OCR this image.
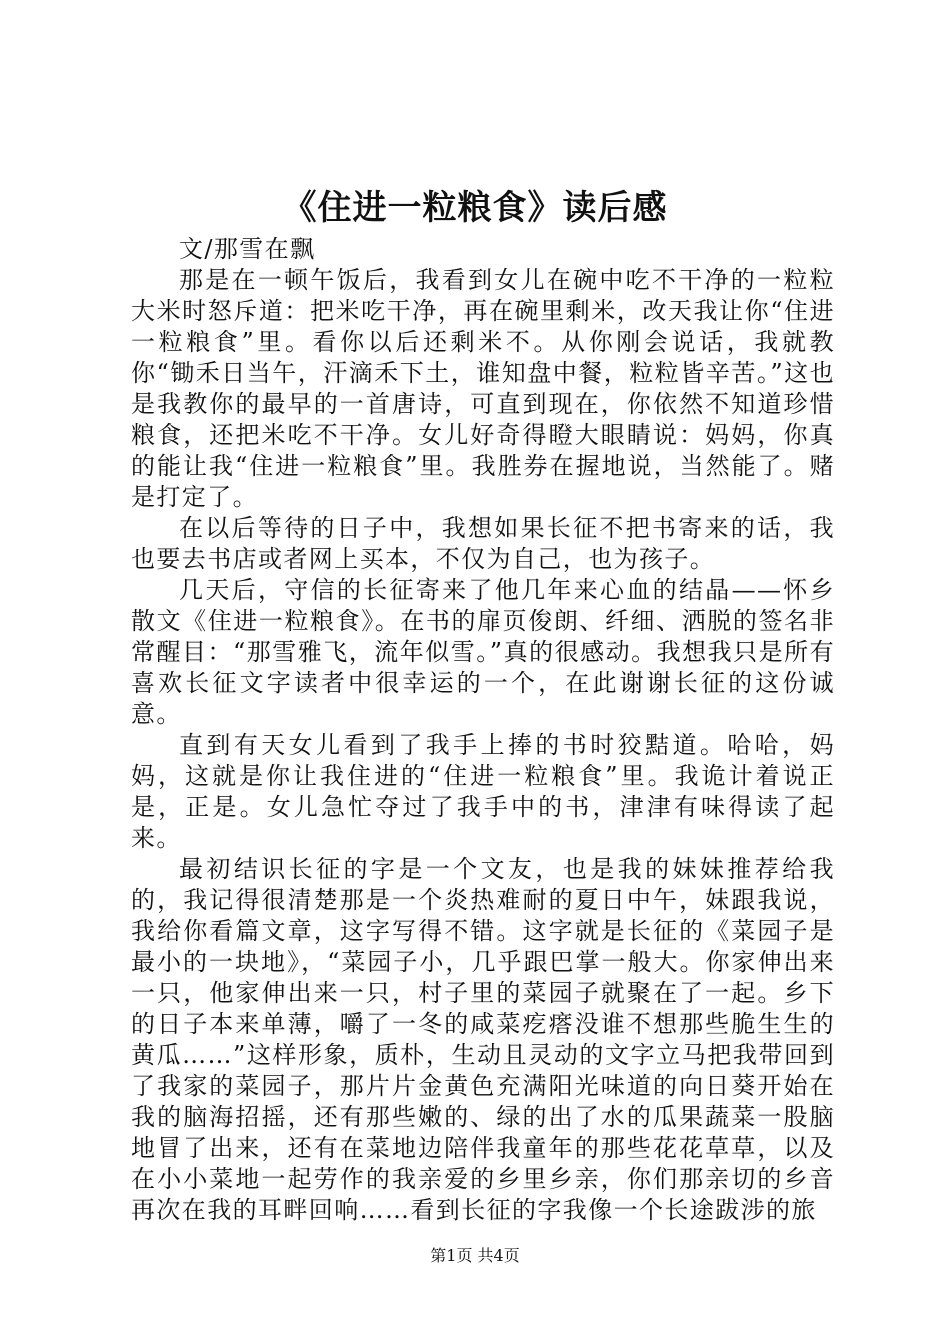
《住进一粒粮食》读后感

文/那雪在飘

那是在一顿午饭后，我看到女儿在碗中吃不干净的一粒粒大米时怒斥道：把米吃干净，再在碗里剩米，改天我让你“住进一粒粮食”里。看你以后还剩米不。从你刚会说话，我就教你“锄禾日当午，汗滴禾下土，谁知盘中餐，粒粒皆辛苦。”这也是我教你的最早的一首唐诗，可直到现在，你依然不知道珍惜粮食，还把米吃不干净。女儿好奇得瞪大眼睛说：妈妈，你真的能让我“住进一粒粮食”里。我胜券在握地说，当然能了。赌是打定了。

在以后等待的日子中，我想如果长征不把书寄来的话，我也要去书店或者网上买本，不仅为自己，也为孩子。

几天后，守信的长征寄来了他几年来心血的结晶——怀乡散文《住进一粒粮食》。在书的扉页俊朗、纤细、洒脱的签名非常醒目：“那雪雅飞，流年似雪。”真的很感动。我想我只是所有喜欢长征文字读者中很幸运的一个，在此谢谢长征的这份诚意。

直到有天女儿看到了我手上捧的书时狡黠道。哈哈，妈妈，这就是你让我住进的“住进一粒粮食”里。我诡计着说正是，正是。女儿急忙夺过了我手中的书，津津有味得读了起来。

最初结识长征的字是一个文友，也是我的妹妹推荐给我的，我记得很清楚那是一个炎热难耐的夏日中午，妹跟我说，我给你看篇文章，这字写得不错。这字就是长征的《菜园子是最小的一块地》，“菜园子小，几乎跟巴掌一般大。你家伸出来一只，他家伸出来一只，村子里的菜园子就聚在了一起。乡下的日子本来单薄，嚼了一冬的咸菜疙瘩没谁不想那些脆生生的黄瓜……”这样形象，质朴，生动且灵动的文字立马把我带回到了我家的菜园子，那片片金黄色充满阳光味道的向日葵开始在我的脑海招摇，还有那些嫩的、绿的出了水的瓜果蔬菜一股脑地冒了出来，还有在菜地边陪伴我童年的那些花花草草，以及在小小菜地一起劳作的我亲爱的乡里乡亲，你们那亲切的乡音再次在我的耳畔回响……看到长征的字我像一个长途跋涉的旅

第1页 共4页
